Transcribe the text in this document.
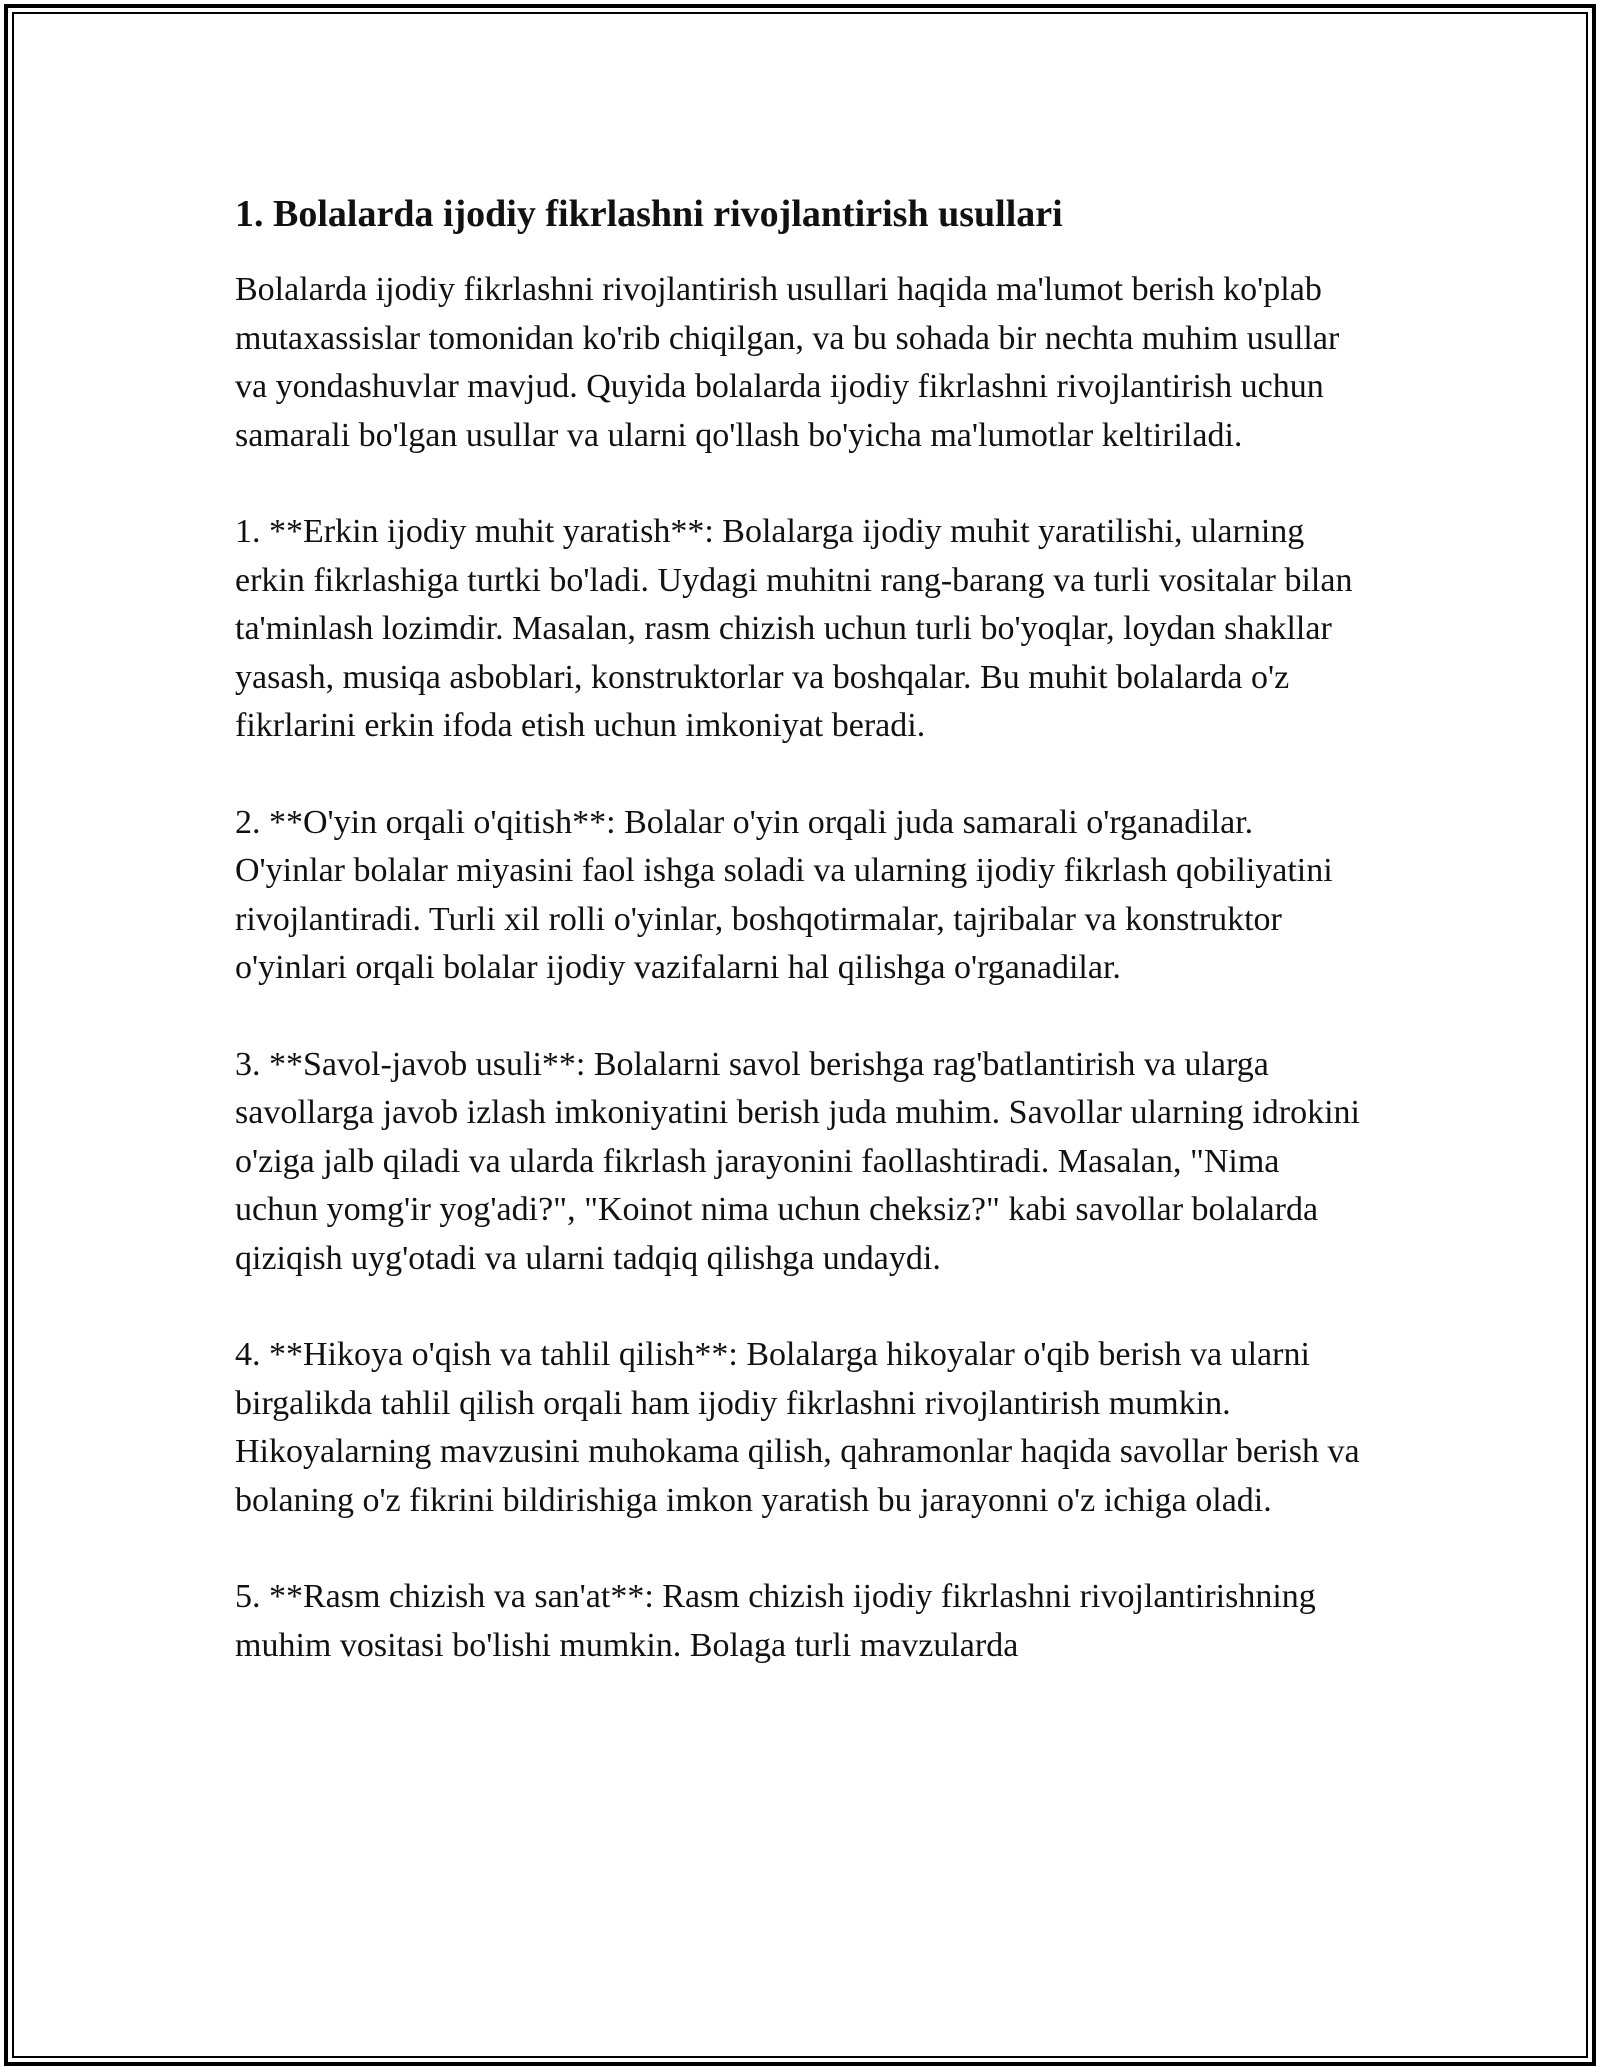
1. Bolalarda ijodiy fikrlashni rivojlantirish usullari

Bolalarda ijodiy fikrlashni rivojlantirish usullari haqida ma'lumot berish ko'plab mutaxassislar tomonidan ko'rib chiqilgan, va bu sohada bir nechta muhim usullar va yondashuvlar mavjud. Quyida bolalarda ijodiy fikrlashni rivojlantirish uchun samarali bo'lgan usullar va ularni qo'llash bo'yicha ma'lumotlar keltiriladi.

1. **Erkin ijodiy muhit yaratish**: Bolalarga ijodiy muhit yaratilishi, ularning erkin fikrlashiga turtki bo'ladi. Uydagi muhitni rang-barang va turli vositalar bilan ta'minlash lozimdir. Masalan, rasm chizish uchun turli bo'yoqlar, loydan shakllar yasash, musiqa asboblari, konstruktorlar va boshqalar. Bu muhit bolalarda o'z fikrlarini erkin ifoda etish uchun imkoniyat beradi.

2. **O'yin orqali o'qitish**: Bolalar o'yin orqali juda samarali o'rganadilar. O'yinlar bolalar miyasini faol ishga soladi va ularning ijodiy fikrlash qobiliyatini rivojlantiradi. Turli xil rolli o'yinlar, boshqotirmalar, tajribalar va konstruktor o'yinlari orqali bolalar ijodiy vazifalarni hal qilishga o'rganadilar.

3. **Savol-javob usuli**: Bolalarni savol berishga rag'batlantirish va ularga savollarga javob izlash imkoniyatini berish juda muhim. Savollar ularning idrokini o'ziga jalb qiladi va ularda fikrlash jarayonini faollashtiradi. Masalan, "Nima uchun yomg'ir yog'adi?", "Koinot nima uchun cheksiz?" kabi savollar bolalarda qiziqish uyg'otadi va ularni tadqiq qilishga undaydi.

4. **Hikoya o'qish va tahlil qilish**: Bolalarga hikoyalar o'qib berish va ularni birgalikda tahlil qilish orqali ham ijodiy fikrlashni rivojlantirish mumkin. Hikoyalarning mavzusini muhokama qilish, qahramonlar haqida savollar berish va bolaning o'z fikrini bildirishiga imkon yaratish bu jarayonni o'z ichiga oladi.

5. **Rasm chizish va san'at**: Rasm chizish ijodiy fikrlashni rivojlantirishning muhim vositasi bo'lishi mumkin. Bolaga turli mavzularda
